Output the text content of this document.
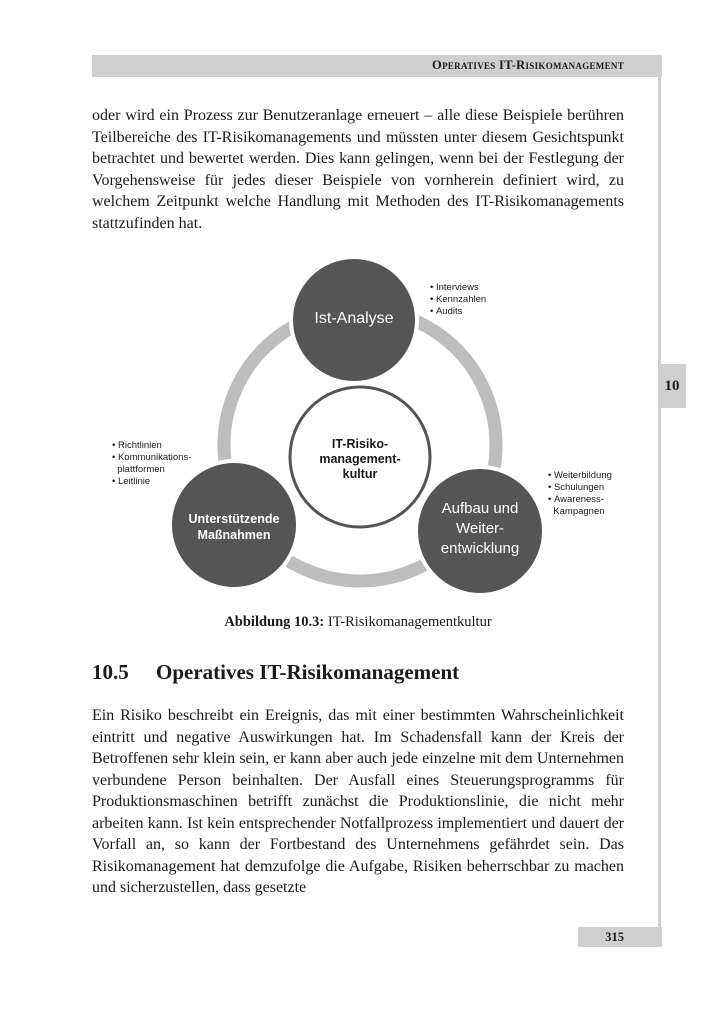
Operatives IT-Risikomanagement
10

oder wird ein Prozess zur Benutzeranlage erneuert – alle diese Beispiele berühren Teilbereiche des IT-Risikomanagements und müssten unter diesem Gesichtspunkt betrachtet und bewertet werden. Dies kann gelingen, wenn bei der Festlegung der Vorgehensweise für jedes dieser Beispiele von vornherein definiert wird, zu welchem Zeitpunkt welche Handlung mit Methoden des IT-Risikomanagements stattzufinden hat.

Ist-Analyse
Aufbau und
Weiter-
entwicklung
Unterstützende
Maßnahmen
IT-Risiko-
management-
kultur
• Interviews
• Kennzahlen
• Audits
• Weiterbildung
• Schulungen
• Awareness-
Kampagnen
• Richtlinien
• Kommunikations-
plattformen
• Leitlinie
Abbildung 10.3: IT-Risikomanagementkultur
10.5 Operatives IT-Risikomanagement

Ein Risiko beschreibt ein Ereignis, das mit einer bestimmten Wahrscheinlichkeit eintritt und negative Auswirkungen hat. Im Schadensfall kann der Kreis der Betroffenen sehr klein sein, er kann aber auch jede einzelne mit dem Unternehmen verbundene Person beinhalten. Der Ausfall eines Steuerungsprogramms für Produktionsmaschinen betrifft zunächst die Produktionslinie, die nicht mehr arbeiten kann. Ist kein entsprechender Notfallprozess implementiert und dauert der Vorfall an, so kann der Fortbestand des Unternehmens gefährdet sein. Das Risikomanagement hat demzufolge die Aufgabe, Risiken beherrschbar zu machen und sicherzustellen, dass gesetzte

315
